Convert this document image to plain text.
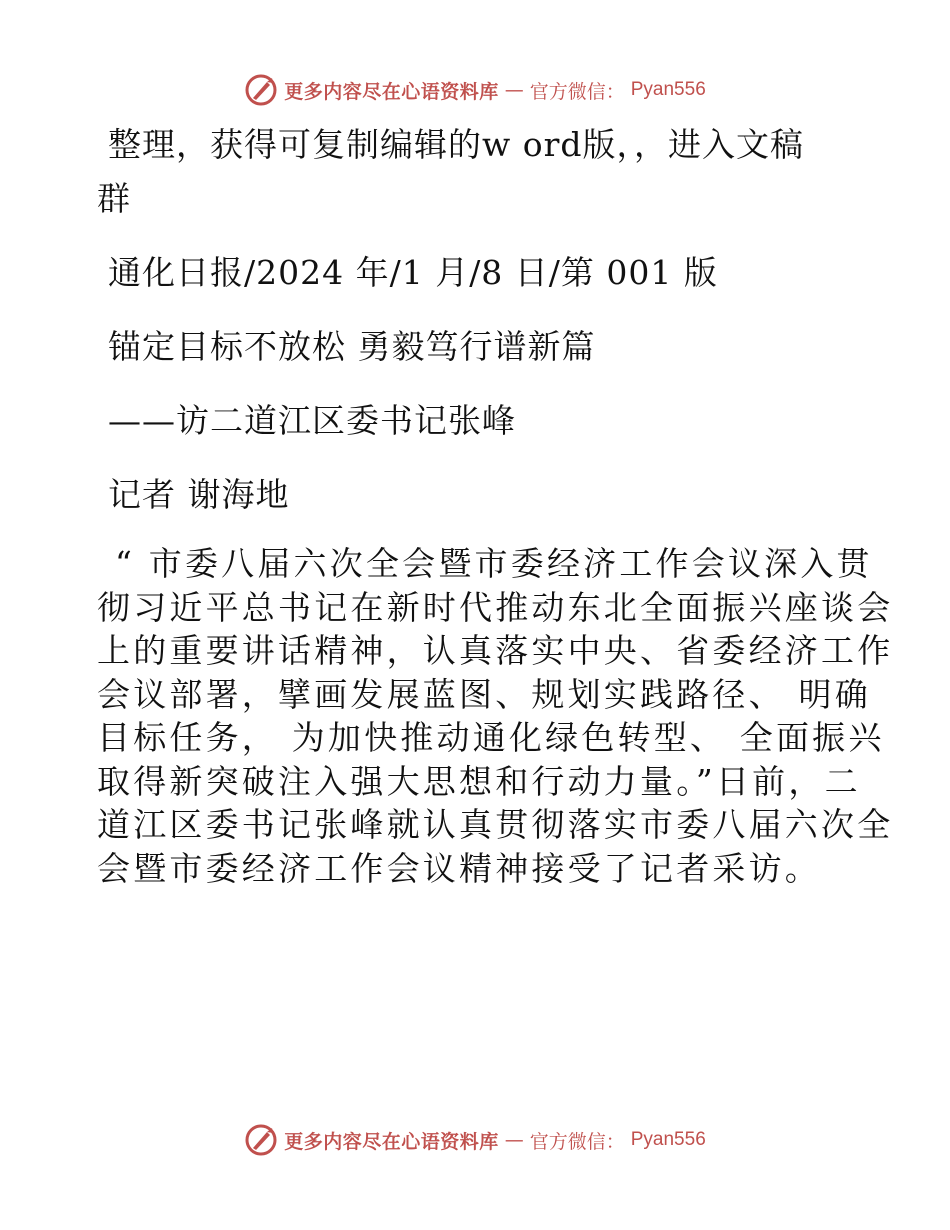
更多内容尽在心语资料库 — 官方微信： Pyan556
整理，获得可复制编辑的w ord版，，进入文稿
群
通化日报/2024 年/1 月/8 日/第 001 版
锚定目标不放松 勇毅笃行谱新篇
——访二道江区委书记张峰
记者 谢海地
“ 市委八届六次全会暨市委经济工作会议深入贯
彻习近平总书记在新时代推动东北全面振兴座谈会
上的重要讲话精神，认真落实中央、省委经济工作
会议部署，擘画发展蓝图、规划实践路径、 明确
目标任务， 为加快推动通化绿色转型、 全面振兴
取得新突破注入强大思想和行动力量。”日前，二
道江区委书记张峰就认真贯彻落实市委八届六次全
会暨市委经济工作会议精神接受了记者采访。
更多内容尽在心语资料库 — 官方微信： Pyan556
